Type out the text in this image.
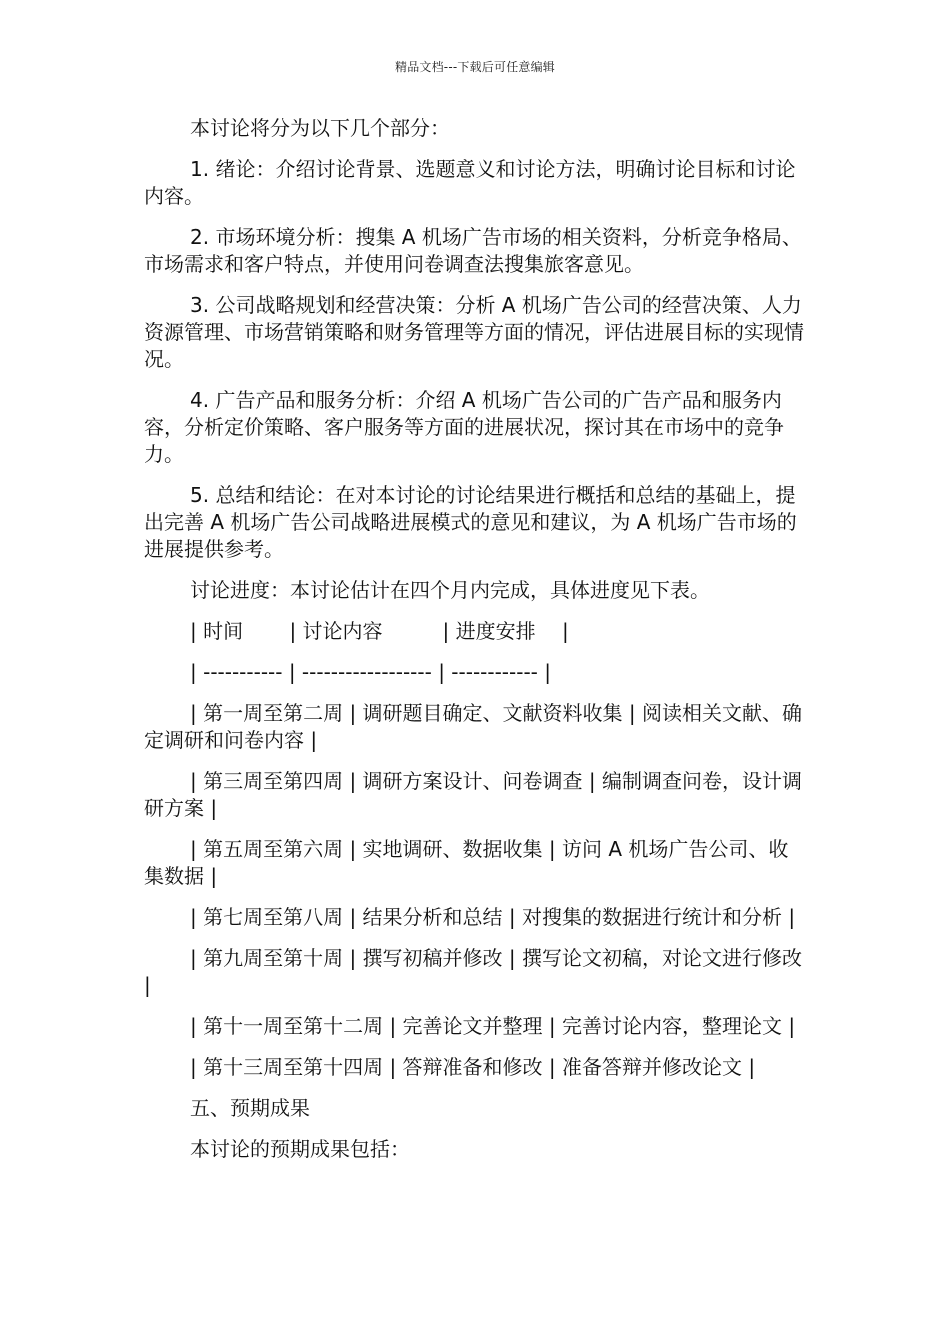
精品文档---下载后可任意编辑

本讨论将分为以下几个部分：

1. 绪论：介绍讨论背景、选题意义和讨论方法，明确讨论目标和讨论内容。

2. 市场环境分析：搜集 A 机场广告市场的相关资料，分析竞争格局、市场需求和客户特点，并使用问卷调查法搜集旅客意见。

3. 公司战略规划和经营决策：分析 A 机场广告公司的经营决策、人力资源管理、市场营销策略和财务管理等方面的情况，评估进展目标的实现情况。

4. 广告产品和服务分析：介绍 A 机场广告公司的广告产品和服务内容，分析定价策略、客户服务等方面的进展状况，探讨其在市场中的竞争力。

5. 总结和结论：在对本讨论的讨论结果进行概括和总结的基础上，提出完善 A 机场广告公司战略进展模式的意见和建议，为 A 机场广告市场的进展提供参考。

讨论进度：本讨论估计在四个月内完成，具体进度见下表。

| 时间　　 | 讨论内容　　　| 进度安排　 |

| ----------- | ------------------ | ------------ |

| 第一周至第二周 | 调研题目确定、文献资料收集 | 阅读相关文献、确定调研和问卷内容 |

| 第三周至第四周 | 调研方案设计、问卷调查 | 编制调查问卷，设计调研方案 |

| 第五周至第六周 | 实地调研、数据收集 | 访问 A 机场广告公司、收集数据 |

| 第七周至第八周 | 结果分析和总结 | 对搜集的数据进行统计和分析 |

| 第九周至第十周 | 撰写初稿并修改 | 撰写论文初稿，对论文进行修改 |

| 第十一周至第十二周 | 完善论文并整理 | 完善讨论内容，整理论文 |

| 第十三周至第十四周 | 答辩准备和修改 | 准备答辩并修改论文 |

五、预期成果

本讨论的预期成果包括：
